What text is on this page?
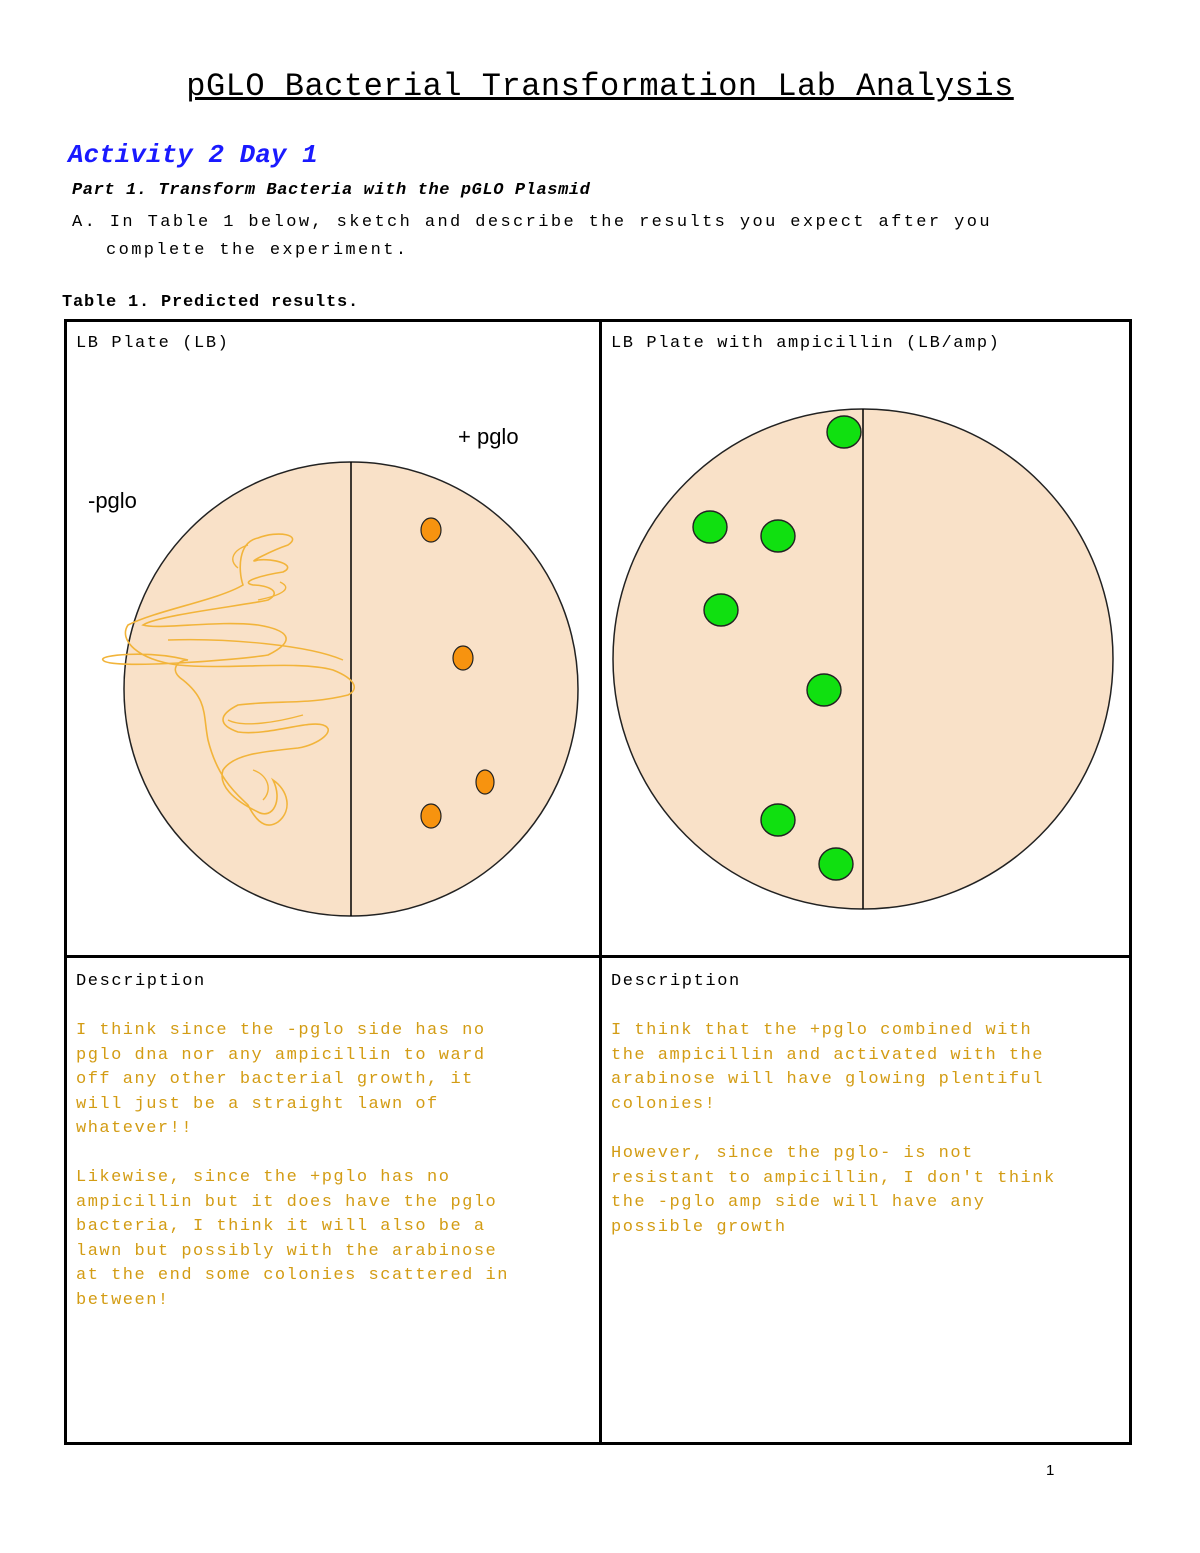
pGLO Bacterial Transformation Lab Analysis
Activity 2 Day 1
Part 1. Transform Bacteria with the pGLO Plasmid
A. In Table 1 below, sketch and describe the results you expect after you
complete the experiment.
Table 1. Predicted results.
LB Plate (LB)	LB Plate with ampicillin (LB/amp)
+ pglo
-pglo
Description	Description
I think since the -pglo side has no
pglo dna nor any ampicillin to ward
off any other bacterial growth, it
will just be a straight lawn of
whatever!!
Likewise, since the +pglo has no
ampicillin but it does have the pglo
bacteria, I think it will also be a
lawn but possibly with the arabinose
at the end some colonies scattered in
between!
I think that the +pglo combined with
the ampicillin and activated with the
arabinose will have glowing plentiful
colonies!
However, since the pglo- is not
resistant to ampicillin, I don't think
the -pglo amp side will have any
possible growth
1
